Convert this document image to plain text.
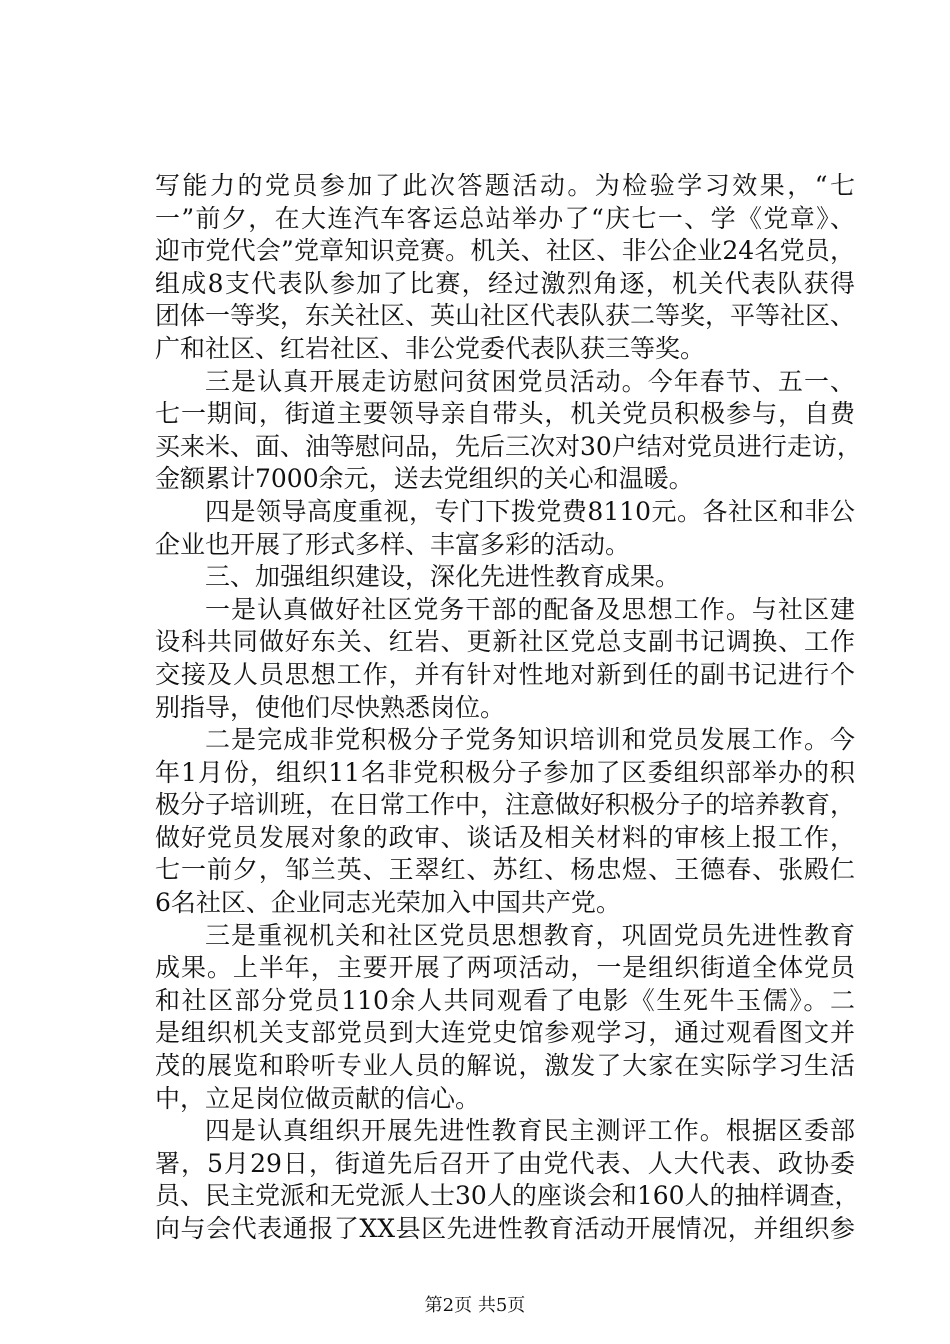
写能力的党员参加了此次答题活动。为检验学习效果，“七
一”前夕，在大连汽车客运总站举办了“庆七一、学《党章》、
迎市党代会”党章知识竞赛。机关、社区、非公企业24名党员，
组成8支代表队参加了比赛，经过激烈角逐，机关代表队获得
团体一等奖，东关社区、英山社区代表队获二等奖，平等社区、
广和社区、红岩社区、非公党委代表队获三等奖。
三是认真开展走访慰问贫困党员活动。今年春节、五一、
七一期间，街道主要领导亲自带头，机关党员积极参与，自费
买来米、面、油等慰问品，先后三次对30户结对党员进行走访，
金额累计7000余元，送去党组织的关心和温暖。
四是领导高度重视，专门下拨党费8110元。各社区和非公
企业也开展了形式多样、丰富多彩的活动。
三、加强组织建设，深化先进性教育成果。
一是认真做好社区党务干部的配备及思想工作。与社区建
设科共同做好东关、红岩、更新社区党总支副书记调换、工作
交接及人员思想工作，并有针对性地对新到任的副书记进行个
别指导，使他们尽快熟悉岗位。
二是完成非党积极分子党务知识培训和党员发展工作。今
年1月份，组织11名非党积极分子参加了区委组织部举办的积
极分子培训班，在日常工作中，注意做好积极分子的培养教育，
做好党员发展对象的政审、谈话及相关材料的审核上报工作，
七一前夕，邹兰英、王翠红、苏红、杨忠煜、王德春、张殿仁
6名社区、企业同志光荣加入中国共产党。
三是重视机关和社区党员思想教育，巩固党员先进性教育
成果。上半年，主要开展了两项活动，一是组织街道全体党员
和社区部分党员110余人共同观看了电影《生死牛玉儒》。二
是组织机关支部党员到大连党史馆参观学习，通过观看图文并
茂的展览和聆听专业人员的解说，激发了大家在实际学习生活
中，立足岗位做贡献的信心。
四是认真组织开展先进性教育民主测评工作。根据区委部
署，5月29日，街道先后召开了由党代表、人大代表、政协委
员、民主党派和无党派人士30人的座谈会和160人的抽样调查，
向与会代表通报了XX县区先进性教育活动开展情况，并组织参
第2页 共5页
